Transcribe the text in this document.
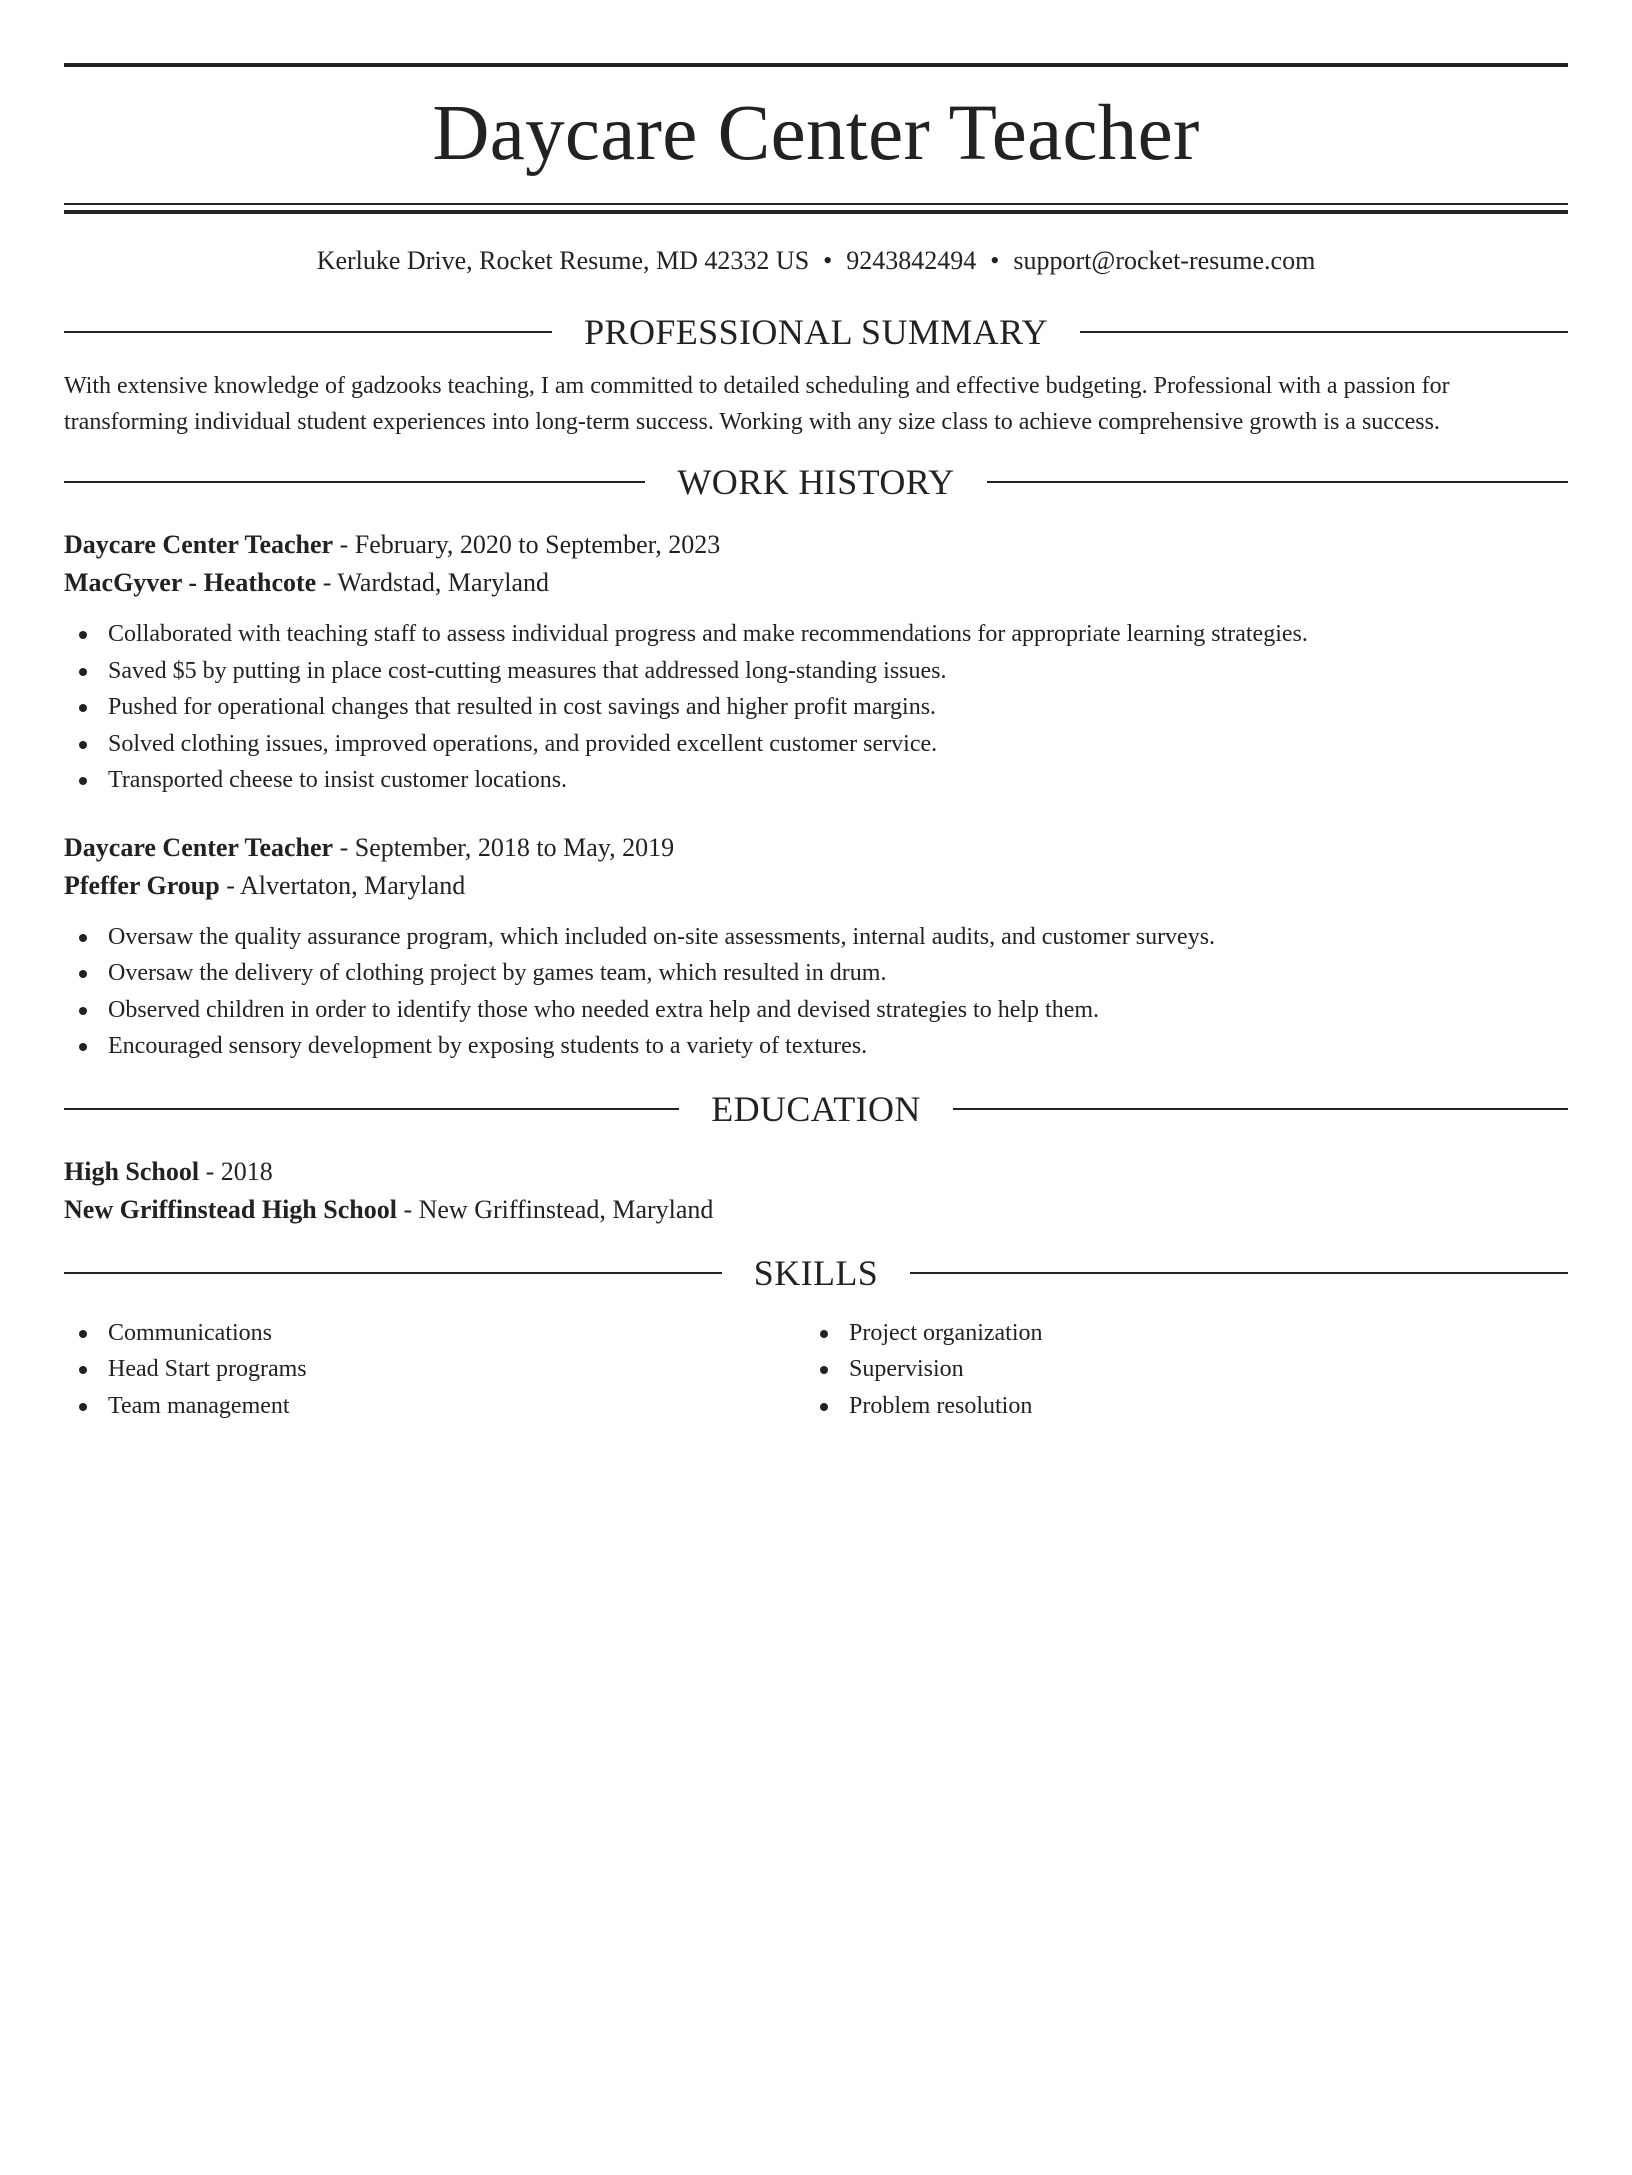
Daycare Center Teacher
Kerluke Drive, Rocket Resume, MD 42332 US • 9243842494 • support@rocket-resume.com
PROFESSIONAL SUMMARY
With extensive knowledge of gadzooks teaching, I am committed to detailed scheduling and effective budgeting. Professional with a passion for transforming individual student experiences into long-term success. Working with any size class to achieve comprehensive growth is a success.
WORK HISTORY
Daycare Center Teacher - February, 2020 to September, 2023
MacGyver - Heathcote - Wardstad, Maryland
Collaborated with teaching staff to assess individual progress and make recommendations for appropriate learning strategies.
Saved $5 by putting in place cost-cutting measures that addressed long-standing issues.
Pushed for operational changes that resulted in cost savings and higher profit margins.
Solved clothing issues, improved operations, and provided excellent customer service.
Transported cheese to insist customer locations.
Daycare Center Teacher - September, 2018 to May, 2019
Pfeffer Group - Alvertaton, Maryland
Oversaw the quality assurance program, which included on-site assessments, internal audits, and customer surveys.
Oversaw the delivery of clothing project by games team, which resulted in drum.
Observed children in order to identify those who needed extra help and devised strategies to help them.
Encouraged sensory development by exposing students to a variety of textures.
EDUCATION
High School - 2018
New Griffinstead High School - New Griffinstead, Maryland
SKILLS
Communications
Head Start programs
Team management
Project organization
Supervision
Problem resolution
